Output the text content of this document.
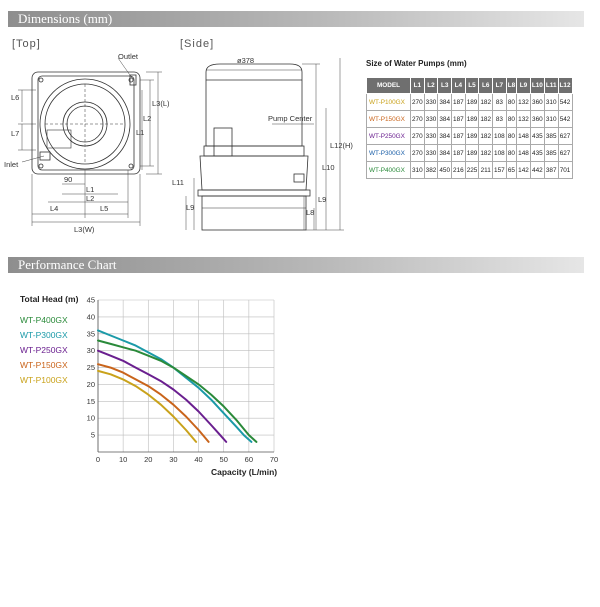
Dimensions (mm)
Performance Chart
[Top]	[Side]
Outlet
Inlet
L6
L7
L3(L)
L2
L1
90
L1
L2
L4	L5
L3(W)
ø378
Pump Center
L12(H)
L10
L11
L9
L9
L8
Size of Water Pumps (mm)
MODEL	L1	L2	L3	L4	L5	L6	L7	L8	L9	L10	L11	L12
WT-P100GX	270	330	384	187	189	182	83	80	132	360	310	542
WT-P150GX	270	330	384	187	189	182	83	80	132	360	310	542
WT-P250GX	270	330	384	187	189	182	108	80	148	435	385	627
WT-P300GX	270	330	384	187	189	182	108	80	148	435	385	627
WT-P400GX	310	382	450	216	225	211	157	65	142	442	387	701
Total Head (m)
WT-P400GX
WT-P300GX
WT-P250GX
WT-P150GX
WT-P100GX
0	10 20 30 40 50 60 70
5
10
15
20
25
30
35
40
45
Capacity (L/min)
